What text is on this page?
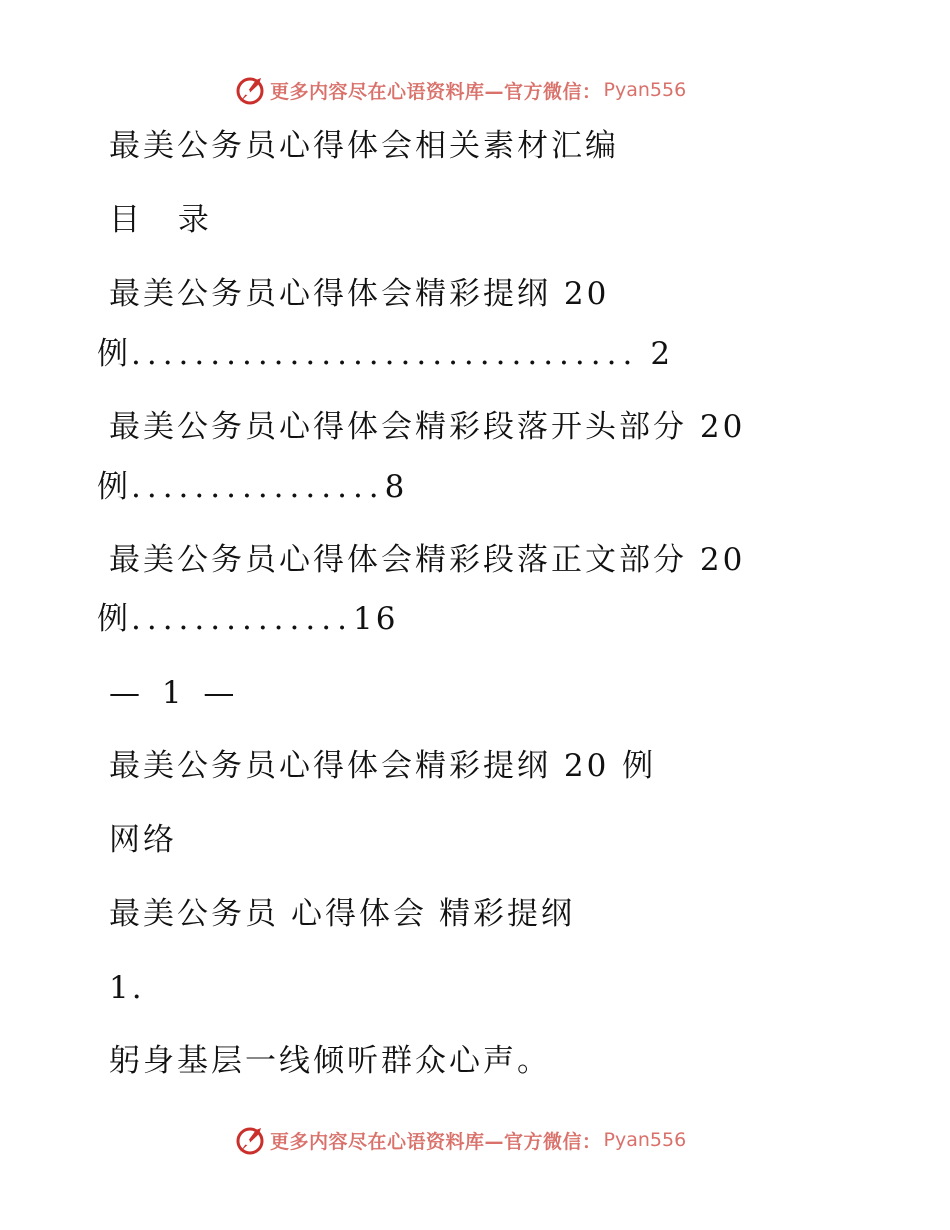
更多内容尽在心语资料库—官方微信： Pyan556
最美公务员心得体会相关素材汇编
目 录
最美公务员心得体会精彩提纲 20
例................................ 2
最美公务员心得体会精彩段落开头部分 20
例................8
最美公务员心得体会精彩段落正文部分 20
例..............16
— 1 —
最美公务员心得体会精彩提纲 20 例
网络
最美公务员 心得体会 精彩提纲
1.
躬身基层一线倾听群众心声。
更多内容尽在心语资料库—官方微信： Pyan556
